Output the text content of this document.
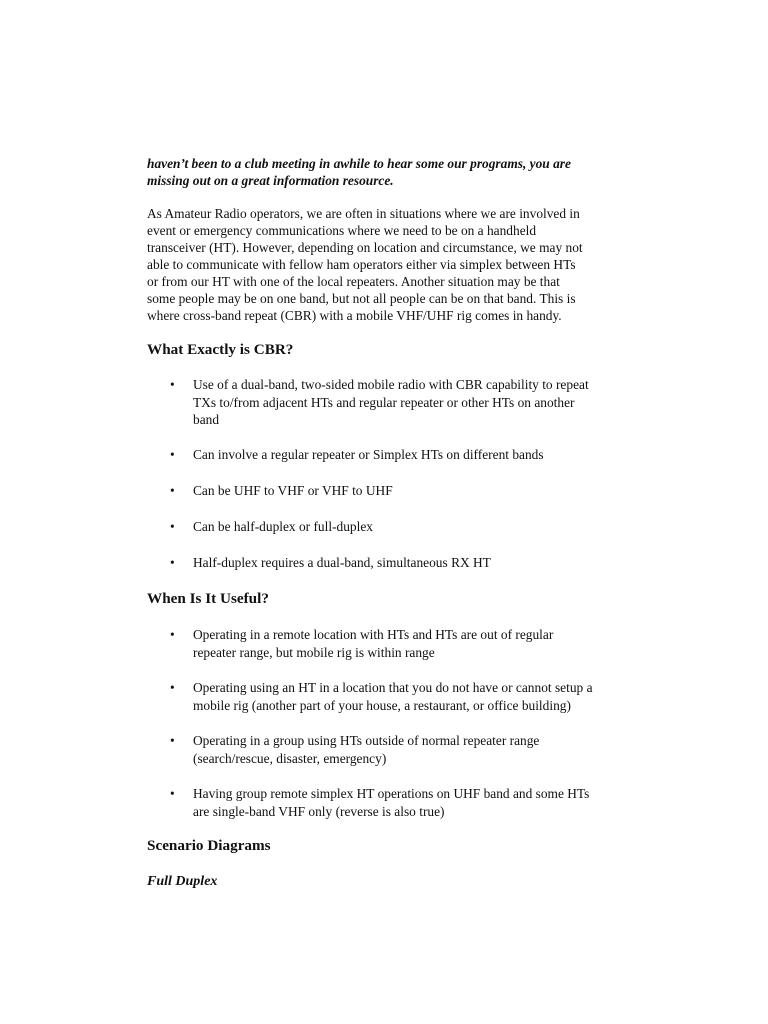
haven’t been to a club meeting in awhile to hear some our programs, you are
missing out on a great information resource.

As Amateur Radio operators, we are often in situations where we are involved in
event or emergency communications where we need to be on a handheld
transceiver (HT). However, depending on location and circumstance, we may not
able to communicate with fellow ham operators either via simplex between HTs
or from our HT with one of the local repeaters. Another situation may be that
some people may be on one band, but not all people can be on that band. This is
where cross-band repeat (CBR) with a mobile VHF/UHF rig comes in handy.

What Exactly is CBR?
•	Use of a dual-band, two-sided mobile radio with CBR capability to repeat
TXs to/from adjacent HTs and regular repeater or other HTs on another
band
•	Can involve a regular repeater or Simplex HTs on different bands
•	Can be UHF to VHF or VHF to UHF
•	Can be half-duplex or full-duplex
•	Half-duplex requires a dual-band, simultaneous RX HT
When Is It Useful?
•	Operating in a remote location with HTs and HTs are out of regular
repeater range, but mobile rig is within range
•	Operating using an HT in a location that you do not have or cannot setup a
mobile rig (another part of your house, a restaurant, or office building)
•	Operating in a group using HTs outside of normal repeater range
(search/rescue, disaster, emergency)
•	Having group remote simplex HT operations on UHF band and some HTs
are single-band VHF only (reverse is also true)
Scenario Diagrams
Full Duplex
